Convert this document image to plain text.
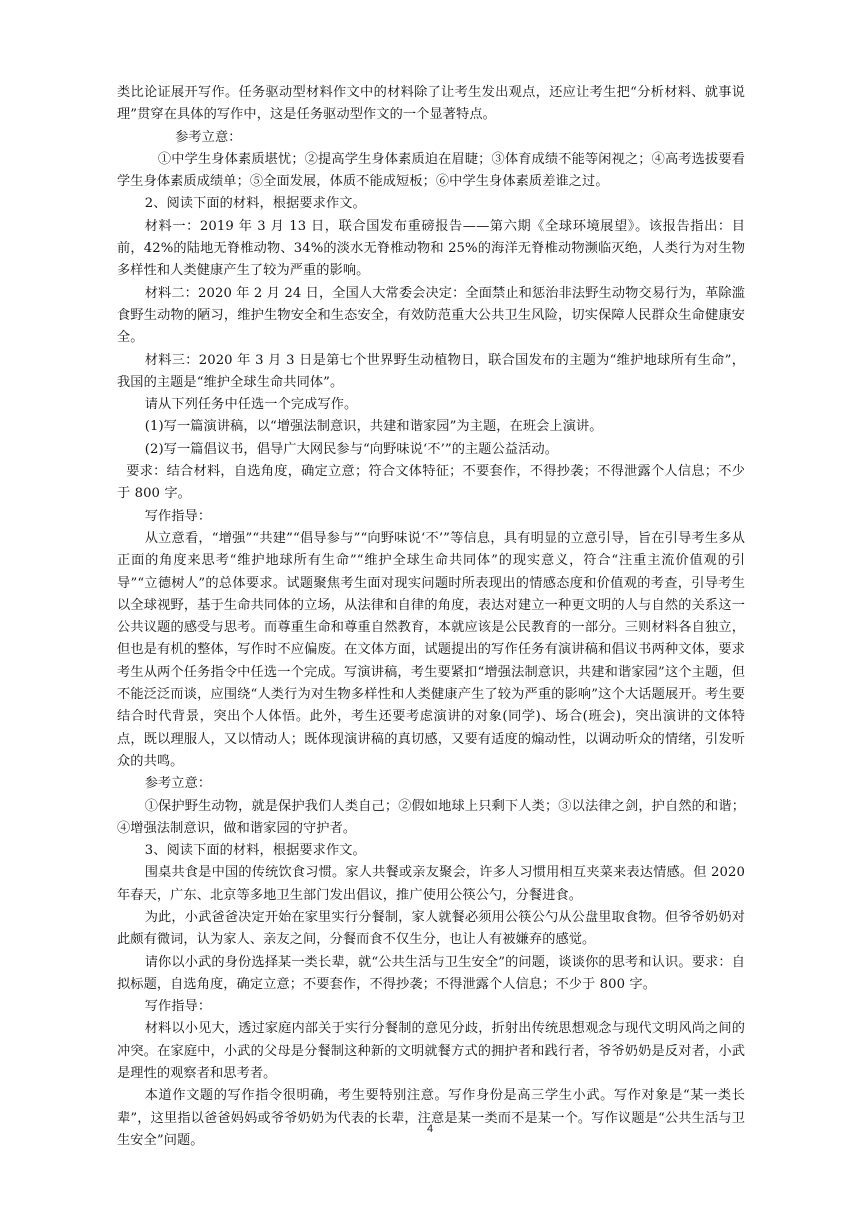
类比论证展开写作。任务驱动型材料作文中的材料除了让考生发出观点，还应让考生把“分析材料、就事说理”贯穿在具体的写作中，这是任务驱动型作文的一个显著特点。

参考立意：

①中学生身体素质堪忧；②提高学生身体素质迫在眉睫；③体育成绩不能等闲视之；④高考选拔要看学生身体素质成绩单；⑤全面发展，体质不能成短板；⑥中学生身体素质差谁之过。

2、阅读下面的材料，根据要求作文。

材料一：2019 年 3 月 13 日，联合国发布重磅报告——第六期《全球环境展望》。该报告指出：目前，42%的陆地无脊椎动物、34%的淡水无脊椎动物和 25%的海洋无脊椎动物濒临灭绝，人类行为对生物多样性和人类健康产生了较为严重的影响。

材料二：2020 年 2 月 24 日，全国人大常委会决定：全面禁止和惩治非法野生动物交易行为，革除滥食野生动物的陋习，维护生物安全和生态安全，有效防范重大公共卫生风险，切实保障人民群众生命健康安全。

材料三：2020 年 3 月 3 日是第七个世界野生动植物日，联合国发布的主题为“维护地球所有生命”，我国的主题是“维护全球生命共同体”。

请从下列任务中任选一个完成写作。

(1)写一篇演讲稿，以“增强法制意识，共建和谐家园”为主题，在班会上演讲。

(2)写一篇倡议书，倡导广大网民参与“向野味说‘不’”的主题公益活动。

要求：结合材料，自选角度，确定立意；符合文体特征；不要套作，不得抄袭；不得泄露个人信息；不少于 800 字。

写作指导：

从立意看，“增强”“共建”“倡导参与”“向野味说‘不’”等信息，具有明显的立意引导，旨在引导考生多从正面的角度来思考“维护地球所有生命”“维护全球生命共同体”的现实意义，符合“注重主流价值观的引导”“立德树人”的总体要求。试题聚焦考生面对现实问题时所表现出的情感态度和价值观的考查，引导考生以全球视野，基于生命共同体的立场，从法律和自律的角度，表达对建立一种更文明的人与自然的关系这一公共议题的感受与思考。而尊重生命和尊重自然教育，本就应该是公民教育的一部分。三则材料各自独立，但也是有机的整体，写作时不应偏废。在文体方面，试题提出的写作任务有演讲稿和倡议书两种文体，要求考生从两个任务指令中任选一个完成。写演讲稿，考生要紧扣“增强法制意识，共建和谐家园”这个主题，但不能泛泛而谈，应围绕“人类行为对生物多样性和人类健康产生了较为严重的影响”这个大话题展开。考生要结合时代背景，突出个人体悟。此外，考生还要考虑演讲的对象(同学)、场合(班会)，突出演讲的文体特点，既以理服人，又以情动人；既体现演讲稿的真切感，又要有适度的煽动性，以调动听众的情绪，引发听众的共鸣。

参考立意：

①保护野生动物，就是保护我们人类自己；②假如地球上只剩下人类；③以法律之剑，护自然的和谐；④增强法制意识，做和谐家园的守护者。

3、阅读下面的材料，根据要求作文。

围桌共食是中国的传统饮食习惯。家人共餐或亲友聚会，许多人习惯用相互夹菜来表达情感。但 2020 年春天，广东、北京等多地卫生部门发出倡议，推广使用公筷公勺，分餐进食。

为此，小武爸爸决定开始在家里实行分餐制，家人就餐必须用公筷公勺从公盘里取食物。但爷爷奶奶对此颇有微词，认为家人、亲友之间，分餐而食不仅生分，也让人有被嫌弃的感觉。

请你以小武的身份选择某一类长辈，就“公共生活与卫生安全”的问题，谈谈你的思考和认识。要求：自拟标题，自选角度，确定立意；不要套作，不得抄袭；不得泄露个人信息；不少于 800 字。

写作指导：

材料以小见大，透过家庭内部关于实行分餐制的意见分歧，折射出传统思想观念与现代文明风尚之间的冲突。在家庭中，小武的父母是分餐制这种新的文明就餐方式的拥护者和践行者，爷爷奶奶是反对者，小武是理性的观察者和思考者。

本道作文题的写作指令很明确，考生要特别注意。写作身份是高三学生小武。写作对象是“某一类长辈”，这里指以爸爸妈妈或爷爷奶奶为代表的长辈，注意是某一类而不是某一个。写作议题是“公共生活与卫生安全”问题。

4
